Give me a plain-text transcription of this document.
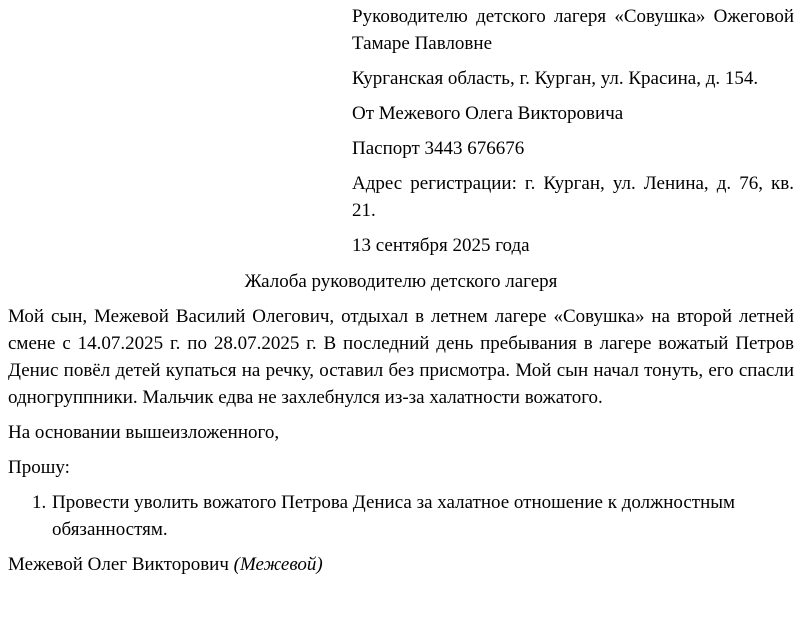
Руководителю детского лагеря «Совушка» Ожеговой Тамаре Павловне

Курганская область, г. Курган, ул. Красина, д. 154.

От Межевого Олега Викторовича

Паспорт 3443 676676

Адрес регистрации: г. Курган, ул. Ленина, д. 76, кв. 21.

13 сентября 2025 года

Жалоба руководителю детского лагеря

Мой сын, Межевой Василий Олегович, отдыхал в летнем лагере «Совушка» на второй летней смене с 14.07.2025 г. по 28.07.2025 г. В последний день пребывания в лагере вожатый Петров Денис повёл детей купаться на речку, оставил без присмотра. Мой сын начал тонуть, его спасли одногруппники. Мальчик едва не захлебнулся из-за халатности вожатого.

На основании вышеизложенного,

Прошу:

1. Провести уволить вожатого Петрова Дениса за халатное отношение к должностным обязанностям.

Межевой Олег Викторович (Межевой)
